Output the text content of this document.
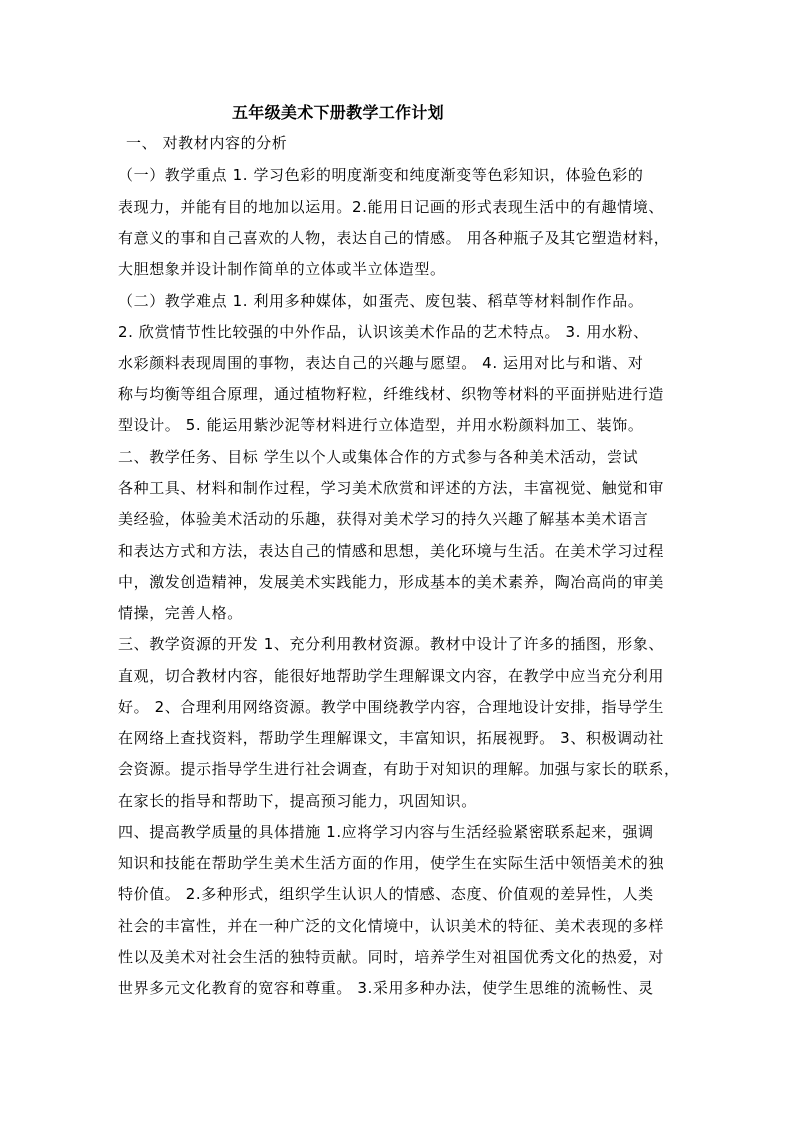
五年级美术下册教学工作计划
一、 对教材内容的分析
（一）教学重点 1. 学习色彩的明度渐变和纯度渐变等色彩知识，体验色彩的
表现力，并能有目的地加以运用。2.能用日记画的形式表现生活中的有趣情境、
有意义的事和自己喜欢的人物，表达自己的情感。 用各种瓶子及其它塑造材料，
大胆想象并设计制作简单的立体或半立体造型。
（二）教学难点 1. 利用多种媒体，如蛋壳、废包装、稻草等材料制作作品。
2. 欣赏情节性比较强的中外作品，认识该美术作品的艺术特点。 3. 用水粉、
水彩颜料表现周围的事物，表达自己的兴趣与愿望。 4. 运用对比与和谐、对
称与均衡等组合原理，通过植物籽粒，纤维线材、织物等材料的平面拼贴进行造
型设计。 5. 能运用紫沙泥等材料进行立体造型，并用水粉颜料加工、装饰。
二、教学任务、目标 学生以个人或集体合作的方式参与各种美术活动，尝试
各种工具、材料和制作过程，学习美术欣赏和评述的方法，丰富视觉、触觉和审
美经验，体验美术活动的乐趣，获得对美术学习的持久兴趣了解基本美术语言
和表达方式和方法，表达自己的情感和思想，美化环境与生活。在美术学习过程
中，激发创造精神，发展美术实践能力，形成基本的美术素养，陶冶高尚的审美
情操，完善人格。
三、教学资源的开发 1、充分利用教材资源。教材中设计了许多的插图，形象、
直观，切合教材内容，能很好地帮助学生理解课文内容，在教学中应当充分利用
好。 2、合理利用网络资源。教学中围绕教学内容，合理地设计安排，指导学生
在网络上查找资料，帮助学生理解课文，丰富知识，拓展视野。 3、积极调动社
会资源。提示指导学生进行社会调查，有助于对知识的理解。加强与家长的联系，
在家长的指导和帮助下，提高预习能力，巩固知识。
四、提高教学质量的具体措施 1.应将学习内容与生活经验紧密联系起来，强调
知识和技能在帮助学生美术生活方面的作用，使学生在实际生活中领悟美术的独
特价值。 2.多种形式，组织学生认识人的情感、态度、价值观的差异性，人类
社会的丰富性，并在一种广泛的文化情境中，认识美术的特征、美术表现的多样
性以及美术对社会生活的独特贡献。同时，培养学生对祖国优秀文化的热爱，对
世界多元文化教育的宽容和尊重。 3.采用多种办法，使学生思维的流畅性、灵
